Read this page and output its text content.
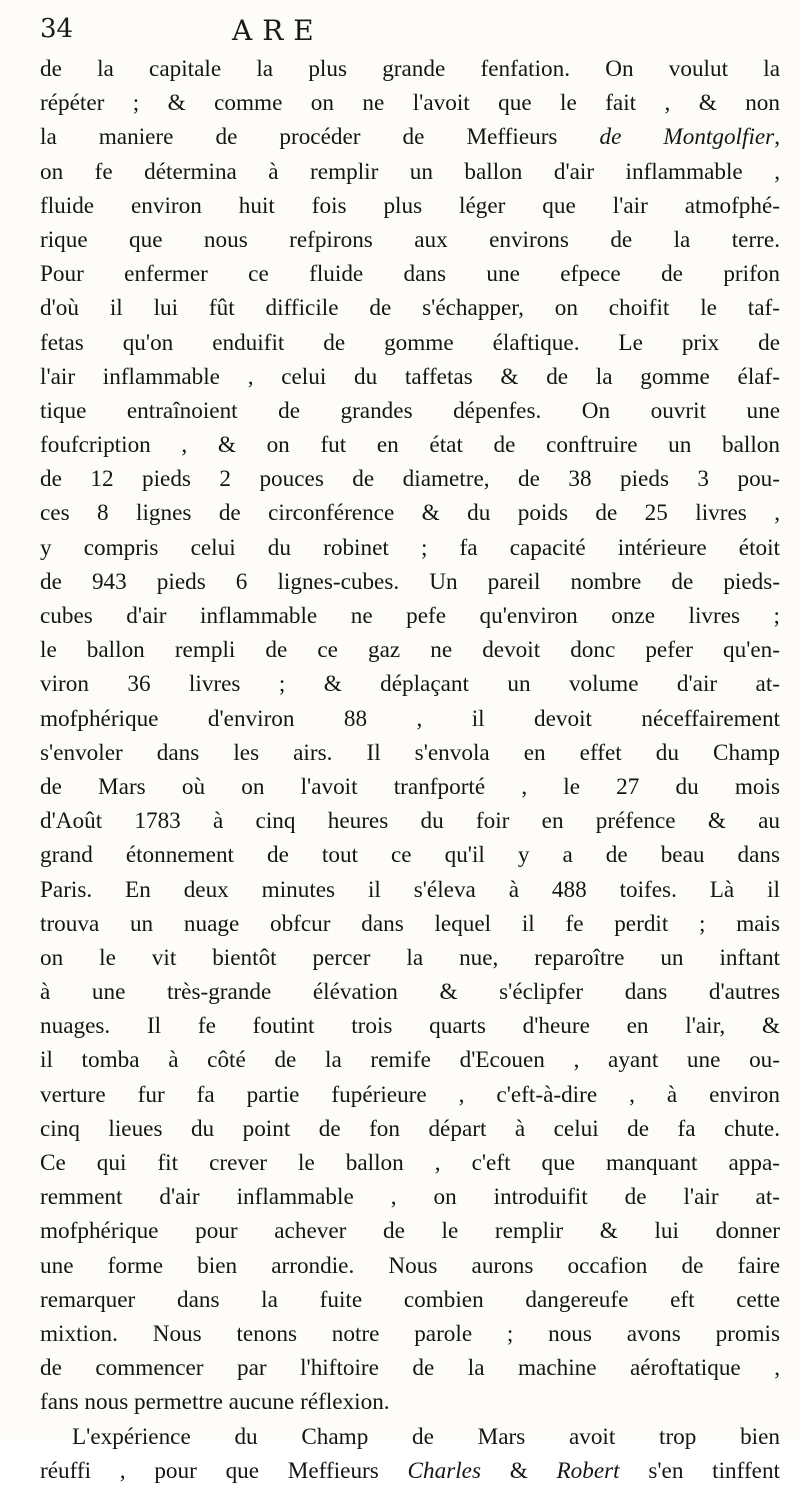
34	ARE
de la capitale la plus grande fenfation. On voulut la
répéter ; & comme on ne l'avoit que le fait , & non
la maniere de procéder de Meffieurs de Montgolfier,
on fe détermina à remplir un ballon d'air inflammable ,
fluide environ huit fois plus léger que l'air atmofphé-
rique que nous refpirons aux environs de la terre.
Pour enfermer ce fluide dans une efpece de prifon
d'où il lui fût difficile de s'échapper, on choifit le taf-
fetas qu'on enduifit de gomme élaftique. Le prix de
l'air inflammable , celui du taffetas & de la gomme élaf-
tique entraînoient de grandes dépenfes. On ouvrit une
foufcription , & on fut en état de conftruire un ballon
de 12 pieds 2 pouces de diametre, de 38 pieds 3 pou-
ces 8 lignes de circonférence & du poids de 25 livres ,
y compris celui du robinet ; fa capacité intérieure étoit
de 943 pieds 6 lignes-cubes. Un pareil nombre de pieds-
cubes d'air inflammable ne pefe qu'environ onze livres ;
le ballon rempli de ce gaz ne devoit donc pefer qu'en-
viron 36 livres ; & déplaçant un volume d'air at-
mofphérique d'environ 88 , il devoit néceffairement
s'envoler dans les airs. Il s'envola en effet du Champ
de Mars où on l'avoit tranfporté , le 27 du mois
d'Août 1783 à cinq heures du foir en préfence & au
grand étonnement de tout ce qu'il y a de beau dans
Paris. En deux minutes il s'éleva à 488 toifes. Là il
trouva un nuage obfcur dans lequel il fe perdit ; mais
on le vit bientôt percer la nue, reparoître un inftant
à une très-grande élévation & s'éclipfer dans d'autres
nuages. Il fe foutint trois quarts d'heure en l'air, &
il tomba à côté de la remife d'Ecouen , ayant une ou-
verture fur fa partie fupérieure , c'eft-à-dire , à environ
cinq lieues du point de fon départ à celui de fa chute.
Ce qui fit crever le ballon , c'eft que manquant appa-
remment d'air inflammable , on introduifit de l'air at-
mofphérique pour achever de le remplir & lui donner
une forme bien arrondie. Nous aurons occafion de faire
remarquer dans la fuite combien dangereufe eft cette
mixtion. Nous tenons notre parole ; nous avons promis
de commencer par l'hiftoire de la machine aéroftatique ,
fans nous permettre aucune réflexion.
L'expérience du Champ de Mars avoit trop bien
réuffi , pour que Meffieurs Charles & Robert s'en tinffent
